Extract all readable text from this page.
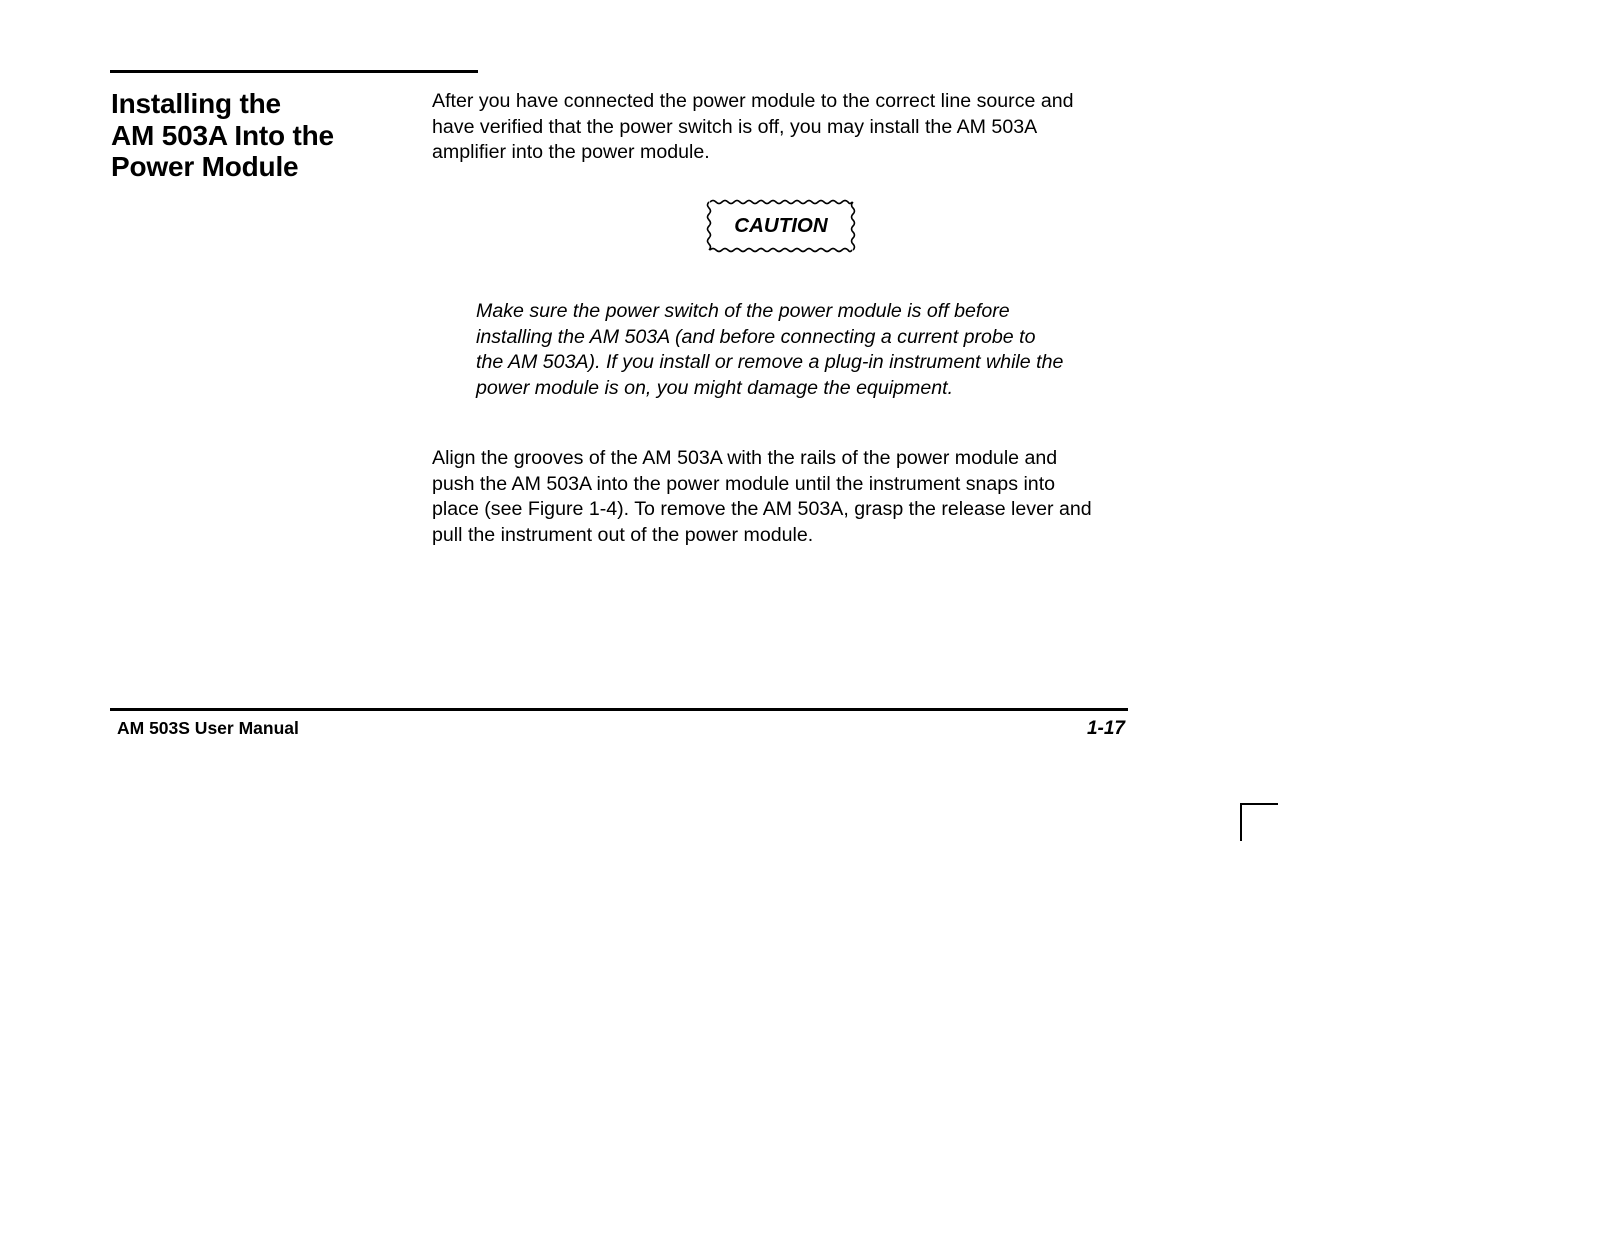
Installing the
AM 503A Into the
Power Module

After you have connected the power module to the correct line source and
have verified that the power switch is off, you may install the AM 503A
amplifier into the power module.

CAUTION

Make sure the power switch of the power module is off before
installing the AM 503A (and before connecting a current probe to
the AM 503A). If you install or remove a plug-in instrument while the
power module is on, you might damage the equipment.

Align the grooves of the AM 503A with the rails of the power module and
push the AM 503A into the power module until the instrument snaps into
place (see Figure 1-4). To remove the AM 503A, grasp the release lever and
pull the instrument out of the power module.

AM 503S User Manual	1-17
